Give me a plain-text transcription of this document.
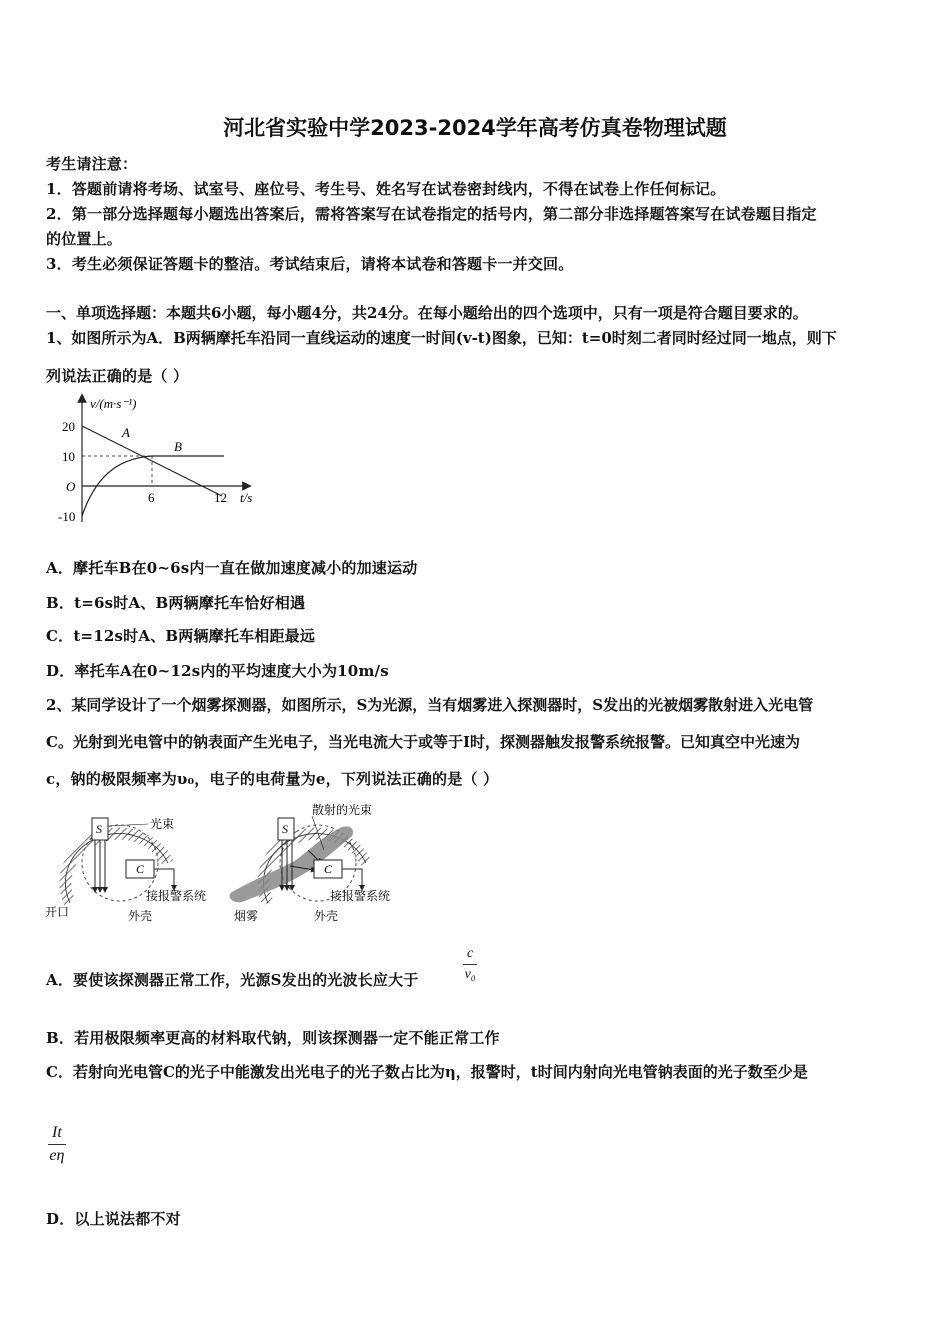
河北省实验中学2023-2024学年高考仿真卷物理试题
考生请注意：
1．答题前请将考场、试室号、座位号、考生号、姓名写在试卷密封线内，不得在试卷上作任何标记。
2．第一部分选择题每小题选出答案后，需将答案写在试卷指定的括号内，第二部分非选择题答案写在试卷题目指定
的位置上。
3．考生必须保证答题卡的整洁。考试结束后，请将本试卷和答题卡一并交回。
一、单项选择题：本题共6小题，每小题4分，共24分。在每小题给出的四个选项中，只有一项是符合题目要求的。
1、如图所示为A．B两辆摩托车沿同一直线运动的速度一时间(v-t)图象，已知：t=0时刻二者同时经过同一地点，则下
列说法正确的是（ ）
v/(m·s⁻¹)
t/s
20
10
O
-10
6	12
A
B
A．摩托车B在0~6s内一直在做加速度减小的加速运动
B．t=6s时A、B两辆摩托车恰好相遇
C．t=12s时A、B两辆摩托车相距最远
D．率托车A在0~12s内的平均速度大小为10m/s
2、某同学设计了一个烟雾探测器，如图所示，S为光源，当有烟雾进入探测器时，S发出的光被烟雾散射进入光电管
C。光射到光电管中的钠表面产生光电子，当光电流大于或等于I时，探测器触发报警系统报警。已知真空中光速为
c，钠的极限频率为υ₀，电子的电荷量为e，下列说法正确的是（ ）
S
C
光束
接报警系统
开口	外壳
S
C
散射的光束
接报警系统
烟雾	外壳
A．要使该探测器正常工作，光源S发出的光波长应大于
c
v₀
B．若用极限频率更高的材料取代钠，则该探测器一定不能正常工作
C．若射向光电管C的光子中能激发出光电子的光子数占比为η，报警时，t时间内射向光电管钠表面的光子数至少是
It
eη
D．以上说法都不对
